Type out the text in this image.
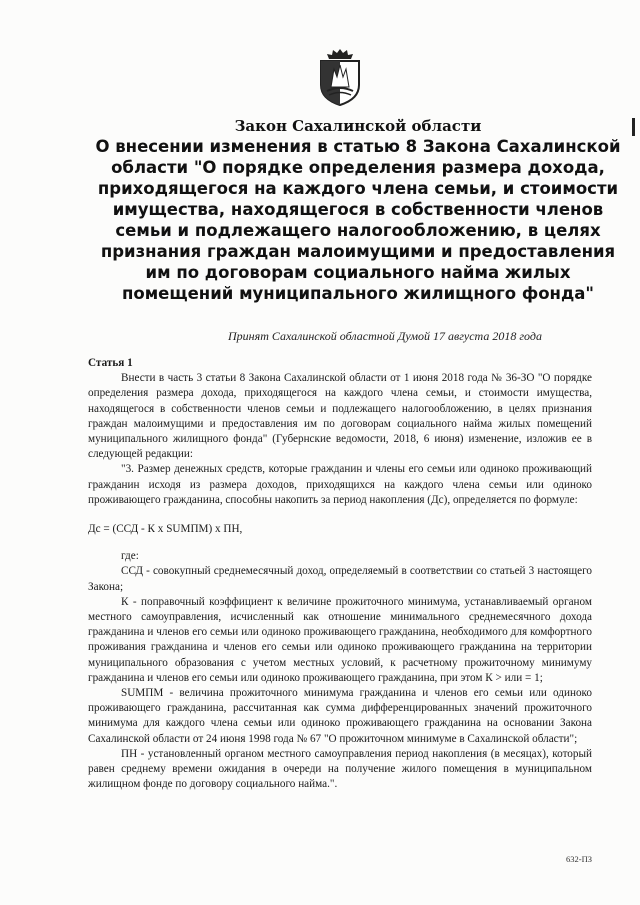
Закон Сахалинской области
О внесении изменения в статью 8 Закона Сахалинской области "О порядке определения размера дохода, приходящегося на каждого члена семьи, и стоимости имущества, находящегося в собственности членов семьи и подлежащего налогообложению, в целях признания граждан малоимущими и предоставления им по договорам социального найма жилых помещений муниципального жилищного фонда"
Принят Сахалинской областной Думой 17 августа 2018 года

Статья 1

Внести в часть 3 статьи 8 Закона Сахалинской области от 1 июня 2018 года № 36-ЗО "О порядке определения размера дохода, приходящегося на каждого члена семьи, и стоимости имущества, находящегося в собственности членов семьи и подлежащего налогообложению, в целях признания граждан малоимущими и предоставления им по договорам социального найма жилых помещений муниципального жилищного фонда" (Губернские ведомости, 2018, 6 июня) изменение, изложив ее в следующей редакции:

"3. Размер денежных средств, которые гражданин и члены его семьи или одиноко проживающий гражданин исходя из размера доходов, приходящихся на каждого члена семьи или одиноко проживающего гражданина, способны накопить за период накопления (Дс), определяется по формуле:

Дс = (ССД - К х SUMПМ) х ПН,

где:

ССД - совокупный среднемесячный доход, определяемый в соответствии со статьей 3 настоящего Закона;

К - поправочный коэффициент к величине прожиточного минимума, устанавливаемый органом местного самоуправления, исчисленный как отношение минимального среднемесячного дохода гражданина и членов его семьи или одиноко проживающего гражданина, необходимого для комфортного проживания гражданина и членов его семьи или одиноко проживающего гражданина на территории муниципального образования с учетом местных условий, к расчетному прожиточному минимуму гражданина и членов его семьи или одиноко проживающего гражданина, при этом К > или = 1;

SUMПМ - величина прожиточного минимума гражданина и членов его семьи или одиноко проживающего гражданина, рассчитанная как сумма дифференцированных значений прожиточного минимума для каждого члена семьи или одиноко проживающего гражданина на основании Закона Сахалинской области от 24 июня 1998 года № 67 "О прожиточном минимуме в Сахалинской области";

ПН - установленный органом местного самоуправления период накопления (в месяцах), который равен среднему времени ожидания в очереди на получение жилого помещения в муниципальном жилищном фонде по договору социального найма.".

632-ПЗ
